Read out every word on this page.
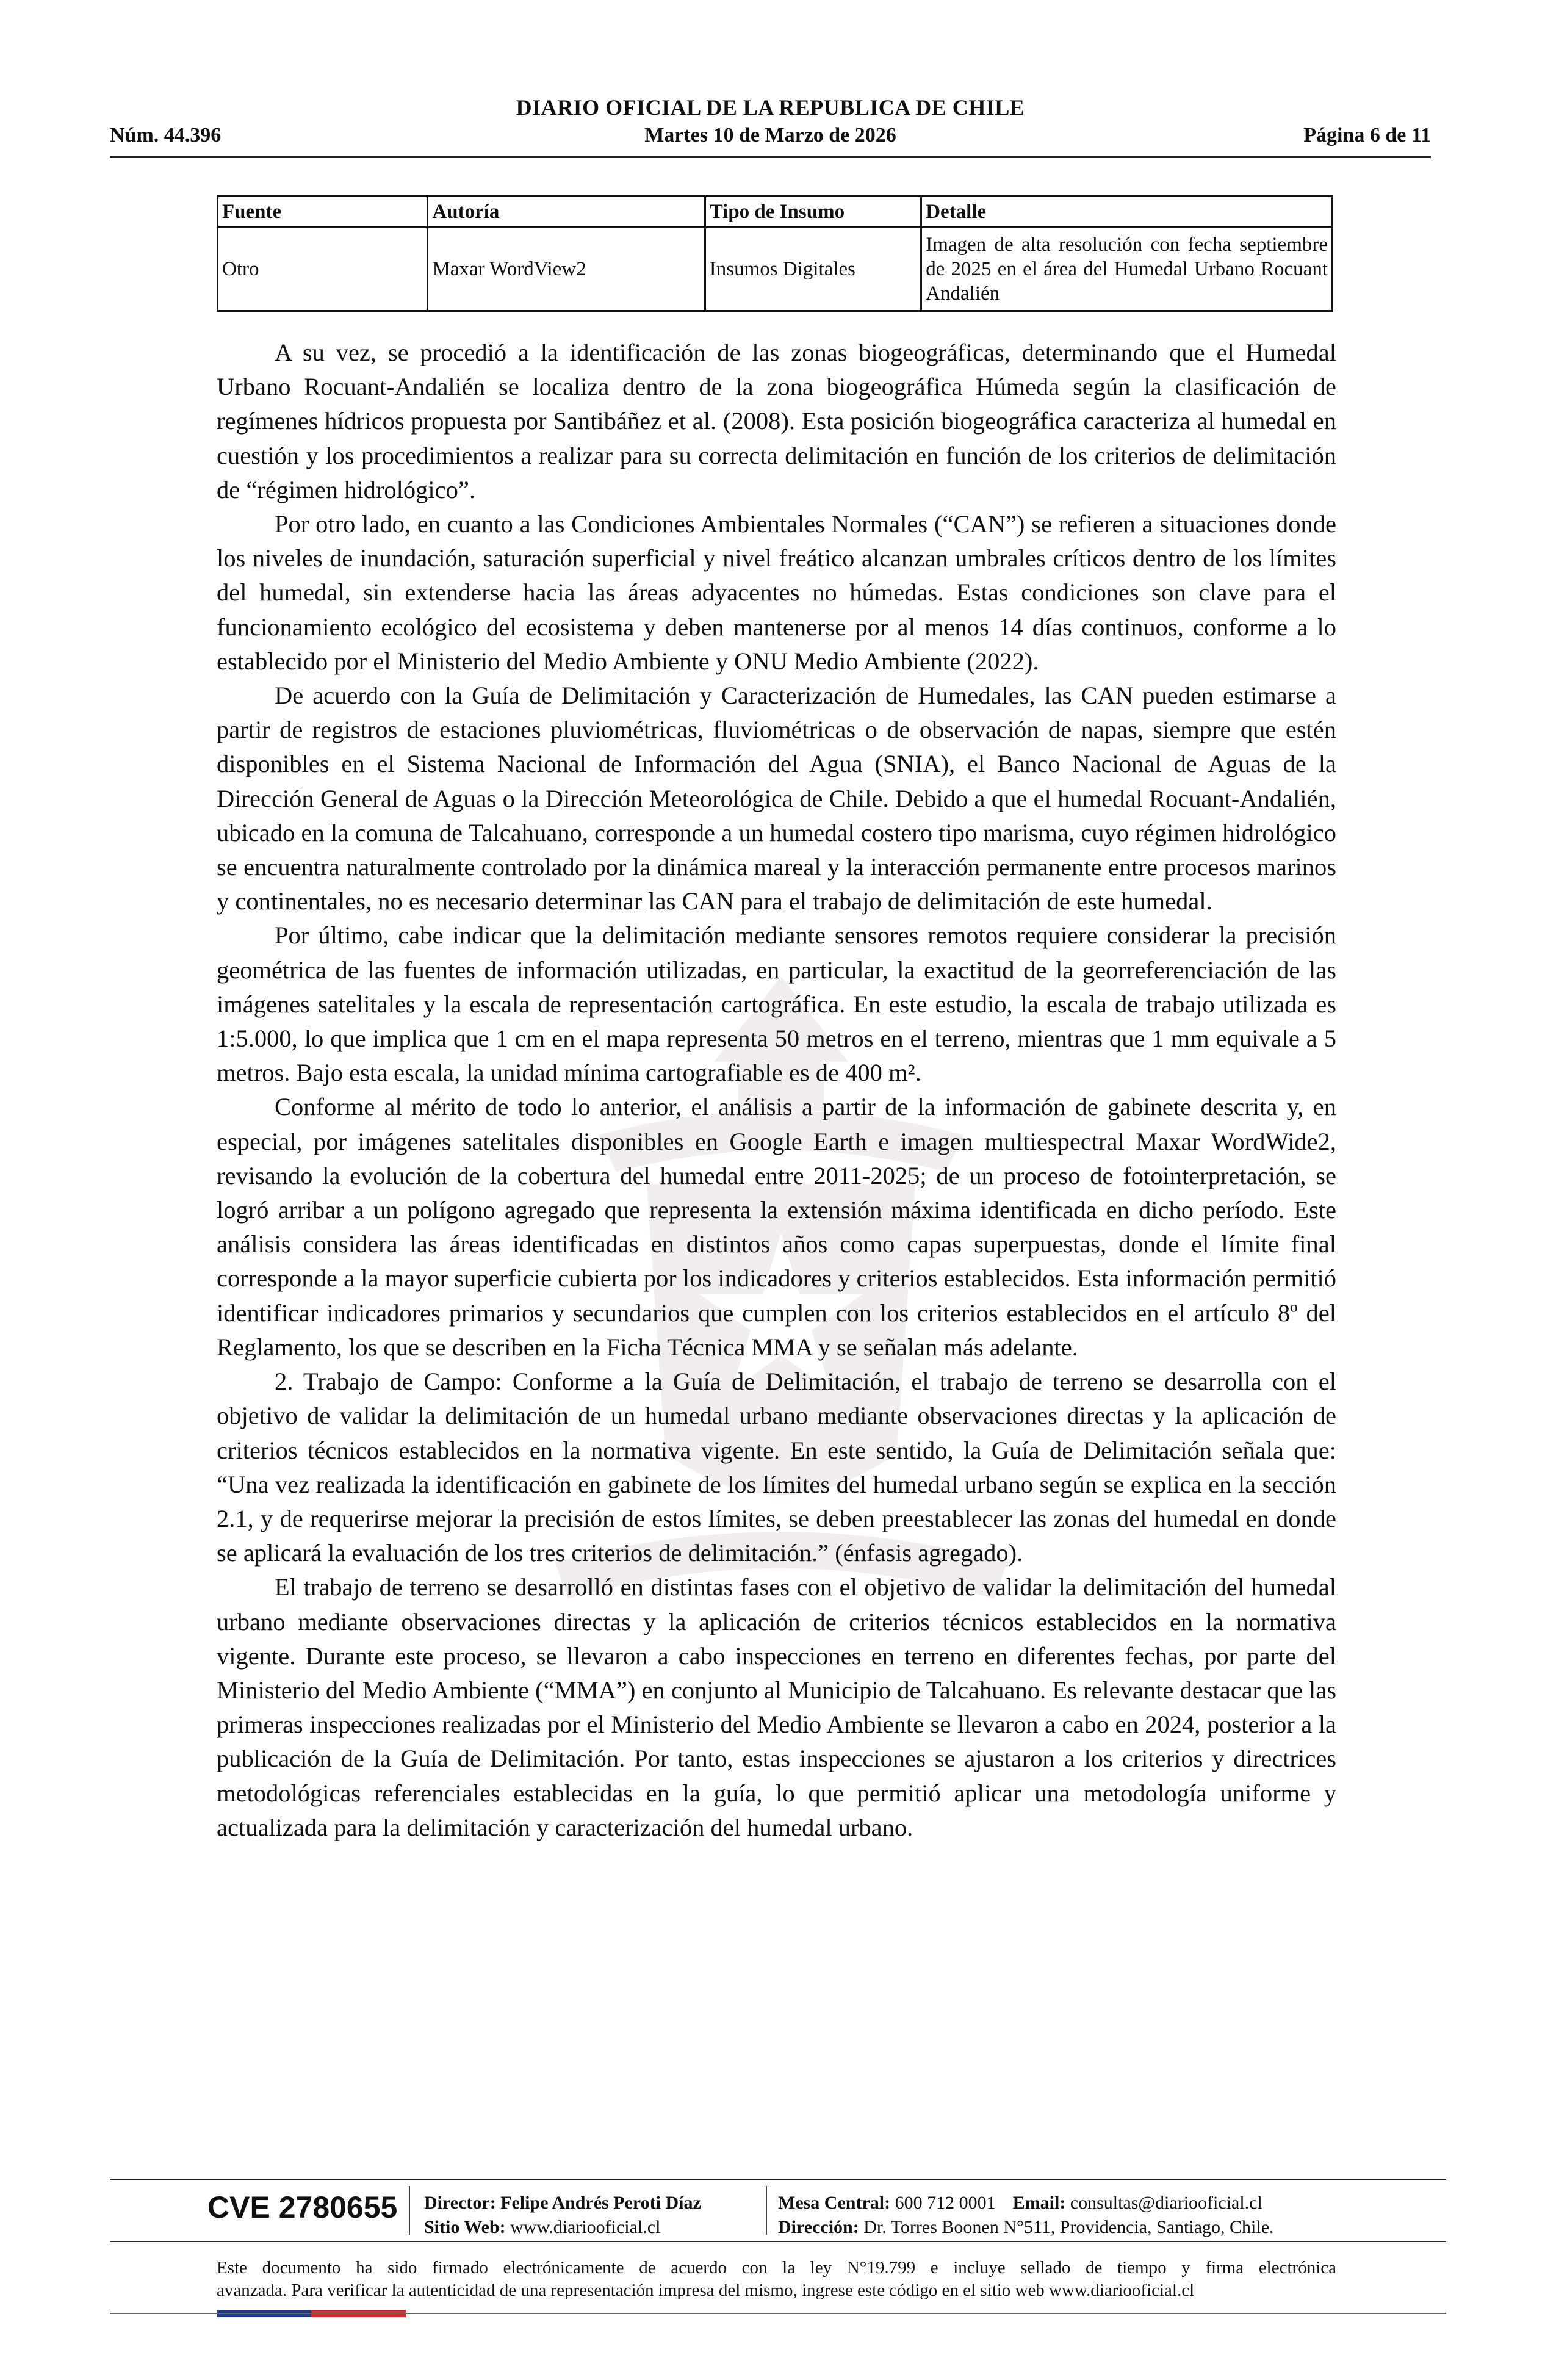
DIARIO OFICIAL DE LA REPUBLICA DE CHILE
Núm. 44.396	Martes 10 de Marzo de 2026	Página 6 de 11
Fuente	Autoría	Tipo de Insumo	Detalle
Otro	Maxar WordView2	Insumos Digitales	Imagen de alta resolución con fecha septiembre de 2025 en el área del Humedal Urbano Rocuant Andalién

A su vez, se procedió a la identificación de las zonas biogeográficas, determinando que el Humedal Urbano Rocuant-Andalién se localiza dentro de la zona biogeográfica Húmeda según la clasificación de regímenes hídricos propuesta por Santibáñez et al. (2008). Esta posición biogeográfica caracteriza al humedal en cuestión y los procedimientos a realizar para su correcta delimitación en función de los criterios de delimitación de “régimen hidrológico”.

Por otro lado, en cuanto a las Condiciones Ambientales Normales (“CAN”) se refieren a situaciones donde los niveles de inundación, saturación superficial y nivel freático alcanzan umbrales críticos dentro de los límites del humedal, sin extenderse hacia las áreas adyacentes no húmedas. Estas condiciones son clave para el funcionamiento ecológico del ecosistema y deben mantenerse por al menos 14 días continuos, conforme a lo establecido por el Ministerio del Medio Ambiente y ONU Medio Ambiente (2022).

De acuerdo con la Guía de Delimitación y Caracterización de Humedales, las CAN pueden estimarse a partir de registros de estaciones pluviométricas, fluviométricas o de observación de napas, siempre que estén disponibles en el Sistema Nacional de Información del Agua (SNIA), el Banco Nacional de Aguas de la Dirección General de Aguas o la Dirección Meteorológica de Chile. Debido a que el humedal Rocuant-Andalién, ubicado en la comuna de Talcahuano, corresponde a un humedal costero tipo marisma, cuyo régimen hidrológico se encuentra naturalmente controlado por la dinámica mareal y la interacción permanente entre procesos marinos y continentales, no es necesario determinar las CAN para el trabajo de delimitación de este humedal.

Por último, cabe indicar que la delimitación mediante sensores remotos requiere considerar la precisión geométrica de las fuentes de información utilizadas, en particular, la exactitud de la georreferenciación de las imágenes satelitales y la escala de representación cartográfica. En este estudio, la escala de trabajo utilizada es 1:5.000, lo que implica que 1 cm en el mapa representa 50 metros en el terreno, mientras que 1 mm equivale a 5 metros. Bajo esta escala, la unidad mínima cartografiable es de 400 m².

Conforme al mérito de todo lo anterior, el análisis a partir de la información de gabinete descrita y, en especial, por imágenes satelitales disponibles en Google Earth e imagen multiespectral Maxar WordWide2, revisando la evolución de la cobertura del humedal entre 2011-2025; de un proceso de fotointerpretación, se logró arribar a un polígono agregado que representa la extensión máxima identificada en dicho período. Este análisis considera las áreas identificadas en distintos años como capas superpuestas, donde el límite final corresponde a la mayor superficie cubierta por los indicadores y criterios establecidos. Esta información permitió identificar indicadores primarios y secundarios que cumplen con los criterios establecidos en el artículo 8º del Reglamento, los que se describen en la Ficha Técnica MMA y se señalan más adelante.

2. Trabajo de Campo: Conforme a la Guía de Delimitación, el trabajo de terreno se desarrolla con el objetivo de validar la delimitación de un humedal urbano mediante observaciones directas y la aplicación de criterios técnicos establecidos en la normativa vigente. En este sentido, la Guía de Delimitación señala que: “Una vez realizada la identificación en gabinete de los límites del humedal urbano según se explica en la sección 2.1, y de requerirse mejorar la precisión de estos límites, se deben preestablecer las zonas del humedal en donde se aplicará la evaluación de los tres criterios de delimitación.” (énfasis agregado).

El trabajo de terreno se desarrolló en distintas fases con el objetivo de validar la delimitación del humedal urbano mediante observaciones directas y la aplicación de criterios técnicos establecidos en la normativa vigente. Durante este proceso, se llevaron a cabo inspecciones en terreno en diferentes fechas, por parte del Ministerio del Medio Ambiente (“MMA”) en conjunto al Municipio de Talcahuano. Es relevante destacar que las primeras inspecciones realizadas por el Ministerio del Medio Ambiente se llevaron a cabo en 2024, posterior a la publicación de la Guía de Delimitación. Por tanto, estas inspecciones se ajustaron a los criterios y directrices metodológicas referenciales establecidas en la guía, lo que permitió aplicar una metodología uniforme y actualizada para la delimitación y caracterización del humedal urbano.

CVE 2780655 Director: Felipe Andrés Peroti Díaz
Sitio Web: www.diariooficial.cl
Mesa Central: 600 712 0001 Email: consultas@diariooficial.cl
Dirección: Dr. Torres Boonen N°511, Providencia, Santiago, Chile.
Este documento ha sido firmado electrónicamente de acuerdo con la ley N°19.799 e incluye sellado de tiempo y firma electrónica
avanzada. Para verificar la autenticidad de una representación impresa del mismo, ingrese este código en el sitio web www.diariooficial.cl
